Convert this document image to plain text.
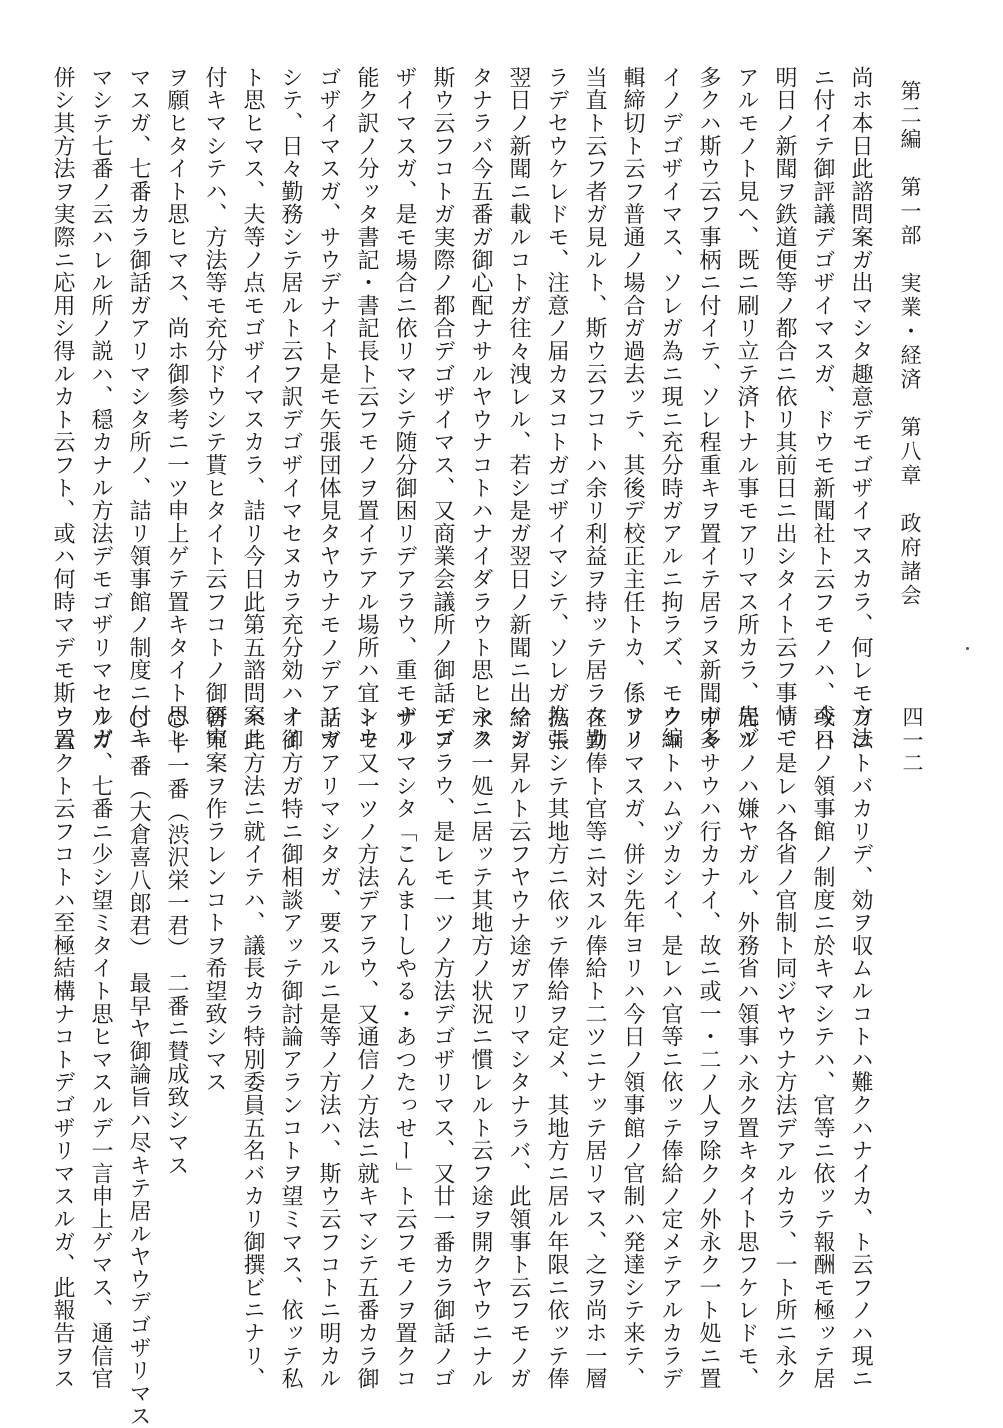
第二編　第一部　実業・経済　第八章　政府諸会
四一二
尚ホ本日此諮問案ガ出マシタ趣意デモゴザイマスカラ、何レモ方法
ニ付イテ御評議デゴザイマスガ、ドウモ新聞社ト云フモノハ、或ハ
明日ノ新聞ヲ鉄道便等ノ都合ニ依リ其前日ニ出シタイト云フ事情モ
アルモノト見ヘ、既ニ刷リ立テ済トナル事モアリマス所カラ、先ヅ
多クハ斯ウ云フ事柄ニ付イテ、ソレ程重キヲ置イテ居ラヌ新聞ガ多
イノデゴザイマス、ソレガ為ニ現ニ充分時ガアルニ拘ラズ、モウ編
輯締切ト云フ普通ノ場合ガ過去ッテ、其後デ校正主任トカ、係リノ
当直ト云フ者ガ見ルト、斯ウ云フコトハ余リ利益ヲ持ッテ居ラヌカ
ラデセウケレドモ、注意ノ届カヌコトガゴザイマシテ、ソレガ為ニ
翌日ノ新聞ニ載ルコトガ往々洩レル、若シ是ガ翌日ノ新聞ニ出マシ
タナラバ今五番ガ御心配ナサルヤウナコトハナイダラウト思ヒマス
斯ウ云フコトガ実際ノ都合デゴザイマス、又商業会議所ノ御話モゴ
ザイマスガ、是モ場合ニ依リマシテ随分御困リデアラウ、重モナル
能ク訳ノ分ッタ書記・書記長ト云フモノヲ置イテアル場所ハ宜シウ
ゴザイマスガ、サウデナイト是モ矢張団体見タヤウナモノデアリマ
シテ、日々勤務シテ居ルト云フ訳デゴザイマセヌカラ充分効ハナイ
ト思ヒマス、夫等ノ点モゴザイマスカラ、詰リ今日此第五諮問案ニ
付キマシテハ、方法等モ充分ドウシテ貰ヒタイト云フコトノ御研究
ヲ願ヒタイト思ヒマス、尚ホ御参考ニ一ツ申上ゲテ置キタイト思ヒ
マスガ、七番カラ御話ガアリマシタ所ノ、詰リ領事館ノ制度ニ付キ
マシテ七番ノ云ハレル所ノ説ハ、穏カナル方法デモゴザリマセウガ
併シ其方法ヲ実際ニ応用シ得ルカト云フト、或ハ何時マデモ斯ウ云
フコトバカリデ、効ヲ収ムルコトハ難クハナイカ、ト云フノハ現ニ
今日ノ領事館ノ制度ニ於キマシテハ、官等ニ依ッテ報酬モ極ッテ居
リ、是レハ各省ノ官制ト同ジヤウナ方法デアルカラ、一ト所ニ永ク
居ルノハ嫌ヤガル、外務省ハ領事ハ永ク置キタイト思フケレドモ、
中々サウハ行カナイ、故ニ或一・二ノ人ヲ除クノ外永ク一ト処ニ置
クコトハムヅカシイ、是レハ官等ニ依ッテ俸給ノ定メテアルカラデ
アリマスガ、併シ先年ヨリハ今日ノ領事館ノ官制ハ発達シテ来テ、
在勤俸ト官等ニ対スル俸給ト二ツニナッテ居リマス、之ヲ尚ホ一層
拡張シテ其地方ニ依ッテ俸給ヲ定メ、其地方ニ居ル年限ニ依ッテ俸
給ガ昇ルト云フヤウナ途ガアリマシタナラバ、此領事ト云フモノガ
永ク一処ニ居ッテ其地方ノ状況ニ慣レルト云フ途ヲ開クヤウニナル
デアラウ、是レモ一ツノ方法デゴザリマス、又廿一番カラ御話ノゴ
ザリマシタ「こんまーしやる・あつたっせー」ト云フモノヲ置クコ
トモ又一ツノ方法デアラウ、又通信ノ方法ニ就キマシテ五番カラ御
話ガアリマシタガ、要スルニ是等ノ方法ハ、斯ウ云フコトニ明カル
イ御方ガ特ニ御相談アッテ御討論アランコトヲ望ミマス、依ッテ私
ハ此方法ニ就イテハ、議長カラ特別委員五名バカリ御撰ビニナリ、
答申案ヲ作ラレンコトヲ希望致シマス
○十一番（渋沢栄一君）　二番ニ賛成致シマス
○一番（大倉喜八郎君）　最早ヤ御論旨ハ尽キテ居ルヤウデゴザリマス
ルガ、七番ニ少シ望ミタイト思ヒマスルデ一言申上ゲマス、通信官
ヲ置クト云フコトハ至極結構ナコトデゴザリマスルガ、此報告ヲス
